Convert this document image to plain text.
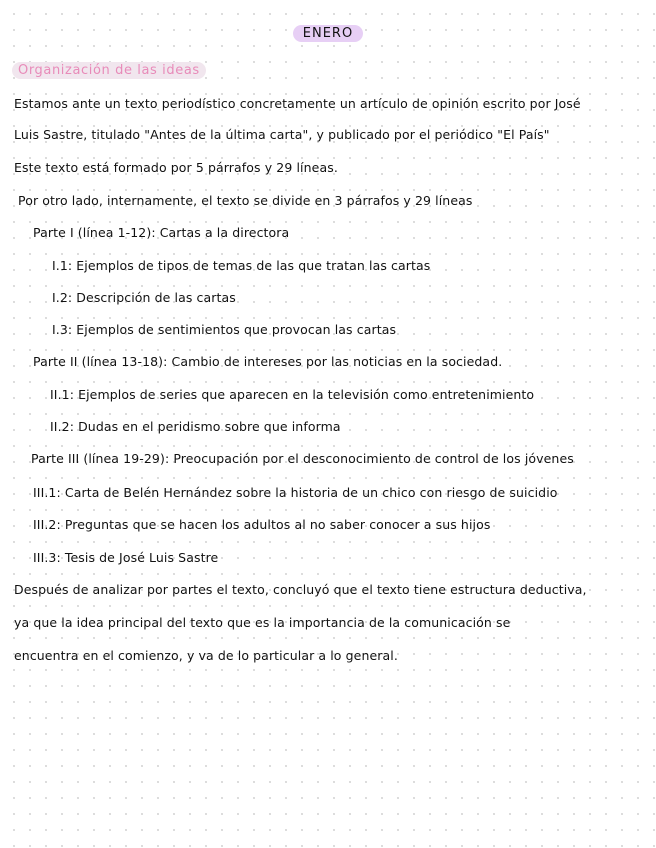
ENERO
Organización de las ideas
Estamos ante un texto periodístico concretamente un artículo de opinión escrito por José
Luis Sastre, titulado "Antes de la última carta", y publicado por el periódico "El País"
Este texto está formado por 5 párrafos y 29 líneas.
Por otro lado, internamente, el texto se divide en 3 párrafos y 29 líneas
Parte I (línea 1-12): Cartas a la directora
I.1: Ejemplos de tipos de temas de las que tratan las cartas
I.2: Descripción de las cartas
I.3: Ejemplos de sentimientos que provocan las cartas
Parte II (línea 13-18): Cambio de intereses por las noticias en la sociedad.
II.1: Ejemplos de series que aparecen en la televisión como entretenimiento
II.2: Dudas en el peridismo sobre que informa
Parte III (línea 19-29): Preocupación por el desconocimiento de control de los jóvenes
III.1: Carta de Belén Hernández sobre la historia de un chico con riesgo de suicidio
III.2: Preguntas que se hacen los adultos al no saber conocer a sus hijos
III.3: Tesis de José Luis Sastre
Después de analizar por partes el texto, concluyó que el texto tiene estructura deductiva,
ya que la idea principal del texto que es la importancia de la comunicación se
encuentra en el comienzo, y va de lo particular a lo general.
